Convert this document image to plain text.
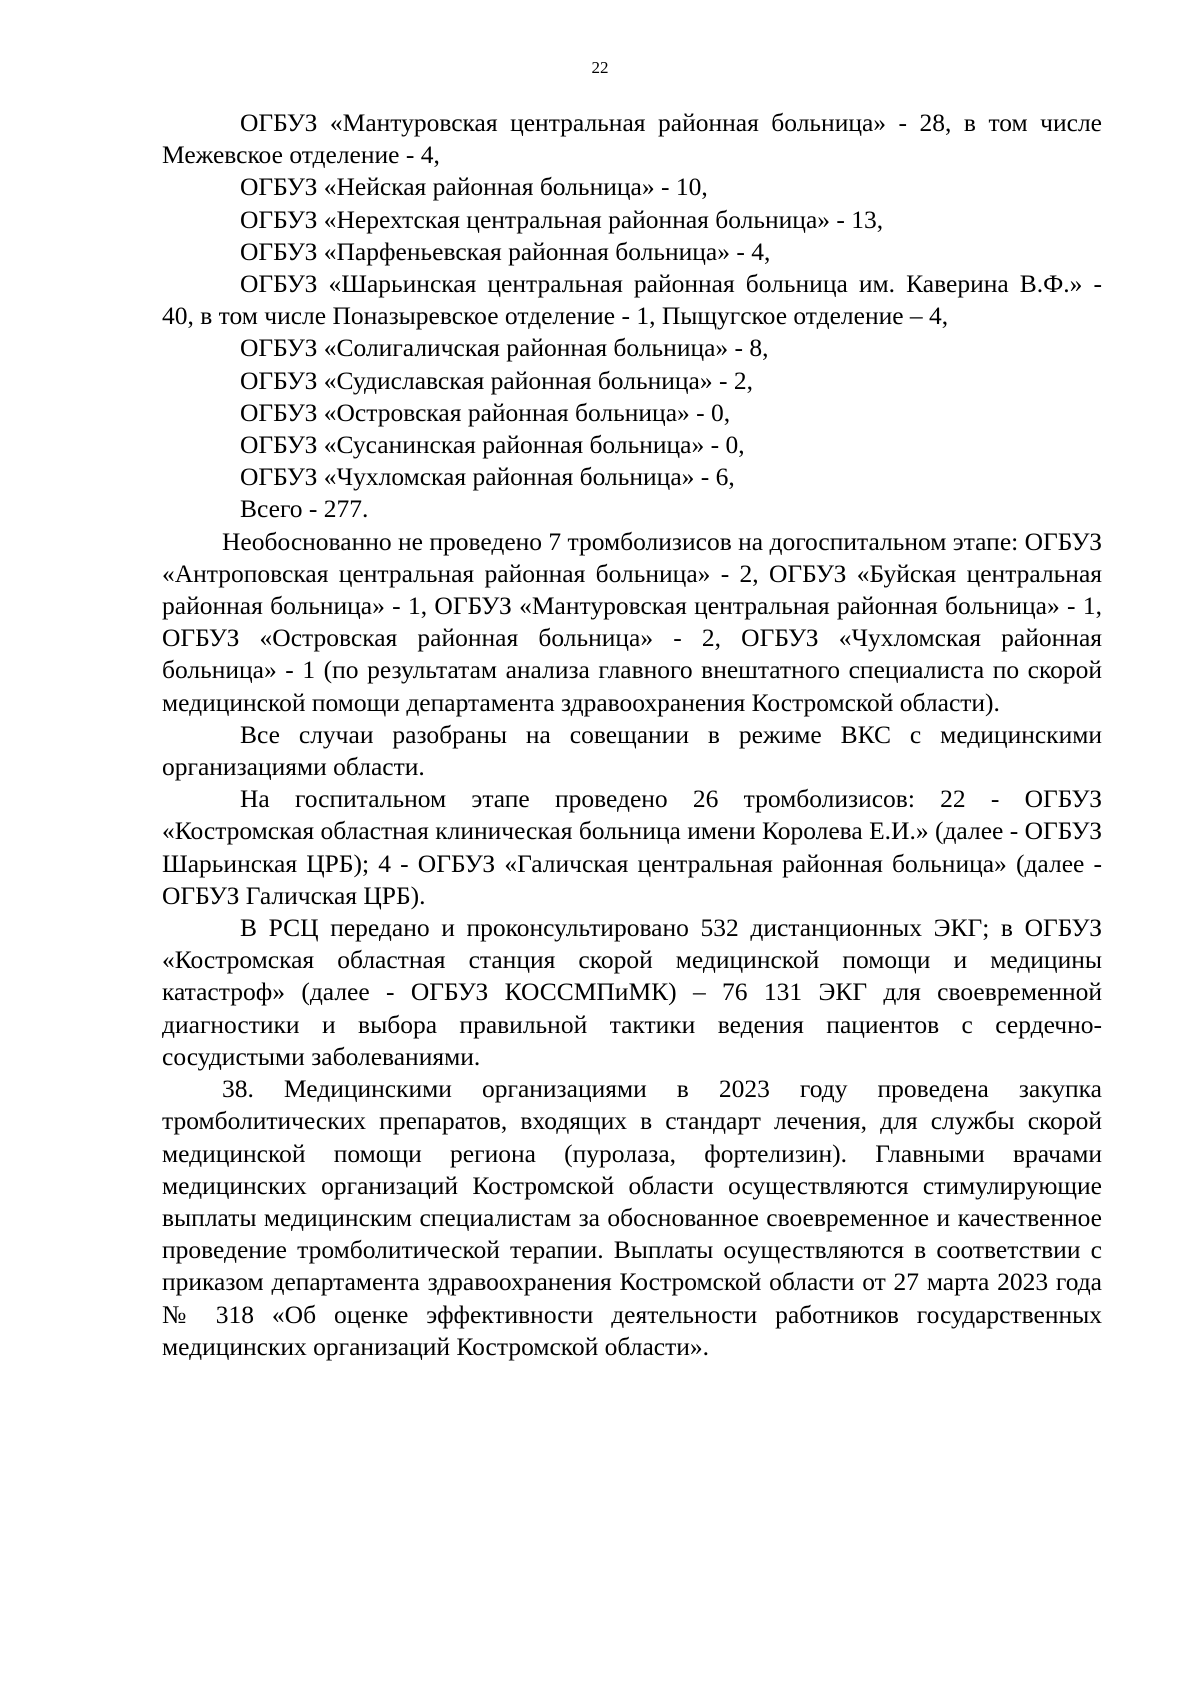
22

ОГБУЗ «Мантуровская центральная районная больница» - 28, в том числе Межевское отделение - 4,

ОГБУЗ «Нейская районная больница» - 10,

ОГБУЗ «Нерехтская центральная районная больница» - 13,

ОГБУЗ «Парфеньевская районная больница» - 4,

ОГБУЗ «Шарьинская центральная районная больница им. Каверина В.Ф.» - 40, в том числе Поназыревское отделение - 1, Пыщугское отделение – 4,

ОГБУЗ «Солигаличская районная больница» - 8,

ОГБУЗ «Судиславская районная больница» - 2,

ОГБУЗ «Островская районная больница» - 0,

ОГБУЗ «Сусанинская районная больница» - 0,

ОГБУЗ «Чухломская районная больница» - 6,

Всего - 277.

Необоснованно не проведено 7 тромболизисов на догоспитальном этапе: ОГБУЗ «Антроповская центральная районная больница» - 2, ОГБУЗ «Буйская центральная районная больница» - 1, ОГБУЗ «Мантуровская центральная районная больница» - 1, ОГБУЗ «Островская районная больница» - 2, ОГБУЗ «Чухломская районная больница» - 1 (по результатам анализа главного внештатного специалиста по скорой медицинской помощи департамента здравоохранения Костромской области).

Все случаи разобраны на совещании в режиме ВКС с медицинскими организациями области.

На госпитальном этапе проведено 26 тромболизисов: 22 - ОГБУЗ «Костромская областная клиническая больница имени Королева Е.И.» (далее - ОГБУЗ Шарьинская ЦРБ); 4 - ОГБУЗ «Галичская центральная районная больница» (далее - ОГБУЗ Галичская ЦРБ).

В РСЦ передано и проконсультировано 532 дистанционных ЭКГ; в ОГБУЗ «Костромская областная станция скорой медицинской помощи и медицины катастроф» (далее - ОГБУЗ КОССМПиМК) – 76 131 ЭКГ для своевременной диагностики и выбора правильной тактики ведения пациентов с сердечно-сосудистыми заболеваниями.

38. Медицинскими организациями в 2023 году проведена закупка тромболитических препаратов, входящих в стандарт лечения, для службы скорой медицинской помощи региона (пуролаза, фортелизин). Главными врачами медицинских организаций Костромской области осуществляются стимулирующие выплаты медицинским специалистам за обоснованное своевременное и качественное проведение тромболитической терапии. Выплаты осуществляются в соответствии с приказом департамента здравоохранения Костромской области от 27 марта 2023 года № 318 «Об оценке эффективности деятельности работников государственных медицинских организаций Костромской области».
